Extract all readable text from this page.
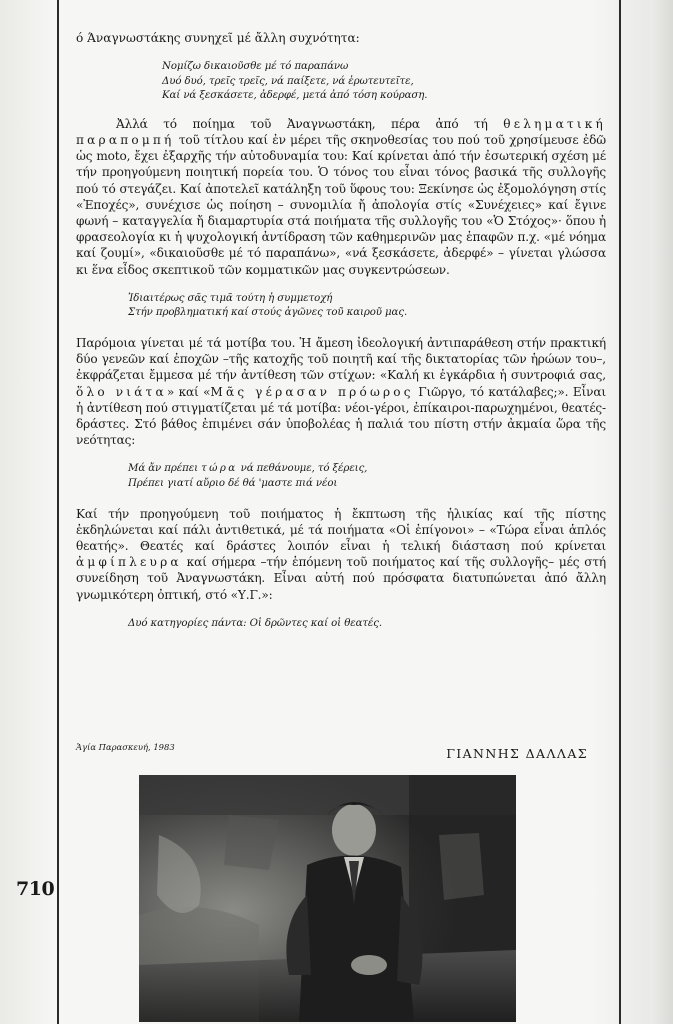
710

ό Άναγνωστάκης συνηχεῖ μέ ἄλλη συχνότητα:

Νομίζω δικαιοῦσθε μέ τό παραπάνω

Δυό δυό, τρεῖς τρεῖς, νά παίξετε, νά ἐρωτευτεῖτε,

Καί νά ξεσκάσετε, ἀδερφέ, μετά ἀπό τόση κούραση.

Ἀλλά τό ποίημα τοῦ Ἀναγνωστάκη, πέρα ἀπό τή θεληματική παραπομπή τοῦ τίτλου καί ἐν μέρει τῆς σκηνοθεσίας του πού τοῦ χρησίμευσε ἐδῶ ὡς moto, ἔχει ἐξαρχῆς τήν αὐτοδυναμία του: Καί κρίνεται ἀπό τήν ἐσωτερική σχέση μέ τήν προηγούμενη ποιητική πορεία του. Ὁ τόνος του εἶναι τόνος βασικά τῆς συλλογῆς πού τό στεγάζει. Καί ἀποτελεῖ κατάληξη τοῦ ὕφους του: Ξεκίνησε ὡς ἐξομολόγηση στίς «Ἐποχές», συνέχισε ὡς ποίηση – συνομιλία ἤ ἀπολογία στίς «Συνέχειες» καί ἔγινε φωνή – καταγγελία ἤ διαμαρτυρία στά ποιήματα τῆς συλλογῆς του «Ὁ Στόχος»· ὅπου ἡ φρασεολογία κι ἡ ψυχολογική ἀντίδραση τῶν καθημερινῶν μας ἐπαφῶν π.χ. «μέ νόημα καί ζουμί», «δικαιοῦσθε μέ τό παραπάνω», «νά ξεσκάσετε, ἀδερφέ» – γίνεται γλώσσα κι ἕνα εἶδος σκεπτικοῦ τῶν κομματικῶν μας συγκεντρώσεων.

Ἰδιαιτέρως σᾶς τιμᾶ τούτη ἡ συμμετοχή

Στήν προβληματική καί στούς ἀγῶνες τοῦ καιροῦ μας.

Παρόμοια γίνεται μέ τά μοτίβα του. Ἡ ἄμεση ἰδεολογική ἀντιπαράθεση στήν πρακτική δύο γενεῶν καί ἐποχῶν –τῆς κατοχῆς τοῦ ποιητῆ καί τῆς δικτατορίας τῶν ἡρώων του–, ἐκφράζεται ἔμμεσα μέ τήν ἀντίθεση τῶν στίχων: «Καλή κι ἐγκάρδια ἡ συντροφιά σας, ὅλο νιάτα» καί «Μᾶς γέρασαν πρόωρος Γιῶργο, τό κατάλαβες;». Εἶναι ἡ ἀντίθεση πού στιγματίζεται μέ τά μοτίβα: νέοι-γέροι, ἐπίκαιροι-παρωχημένοι, θεατές-δράστες. Στό βάθος ἐπιμένει σάν ὑποβολέας ἡ παλιά του πίστη στήν ἀκμαία ὥρα τῆς νεότητας:

Μά ἄν πρέπει τώρα νά πεθάνουμε, τό ξέρεις,

Πρέπει γιατί αὔριο δέ θά 'μαστε πιά νέοι

Καί τήν προηγούμενη τοῦ ποιήματος ἡ ἔκπτωση τῆς ἡλικίας καί τῆς πίστης ἐκδηλώνεται καί πάλι ἀντιθετικά, μέ τά ποιήματα «Οἱ ἐπίγονοι» – «Τώρα εἶναι ἁπλός θεατής». Θεατές καί δράστες λοιπόν εἶναι ἡ τελική διάσταση πού κρίνεται ἀμφίπλευρα καί σήμερα –τήν ἑπόμενη τοῦ ποιήματος καί τῆς συλλογῆς– μές στή συνείδηση τοῦ Ἀναγνωστάκη. Εἶναι αὐτή πού πρόσφατα διατυπώνεται ἀπό ἄλλη γνωμικότερη ὀπτική, στό «Υ.Γ.»:

Δυό κατηγορίες πάντα: Οἱ δρῶντες καί οἱ θεατές.

Ἁγία Παρασκευή, 1983	ΓΙΑΝΝΗΣ ΔΑΛΛΑΣ
